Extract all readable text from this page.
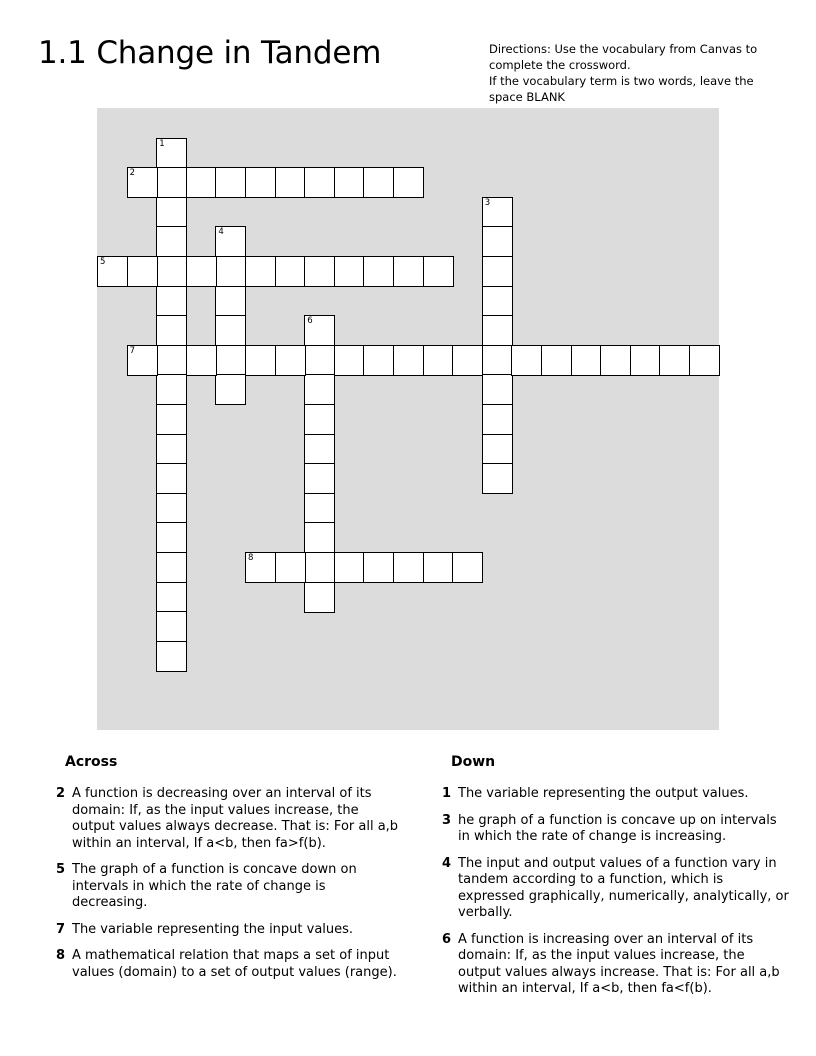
1.1 Change in Tandem	Directions: Use the vocabulary from Canvas to complete the crossword.
If the vocabulary term is two words, leave the space BLANK
1
2
3
4
5
6
7
8
Across
2 A function is decreasing over an interval of its domain: If, as the input values increase, the output values always decrease. That is: For all a,b within an interval, If a<b, then fa>f(b).
5 The graph of a function is concave down on intervals in which the rate of change is decreasing.
7 The variable representing the input values.
8 A mathematical relation that maps a set of input values (domain) to a set of output values (range).
Down
1 The variable representing the output values.
3 he graph of a function is concave up on intervals in which the rate of change is increasing.
4 The input and output values of a function vary in tandem according to a function, which is expressed graphically, numerically, analytically, or verbally.
6 A function is increasing over an interval of its domain: If, as the input values increase, the output values always increase. That is: For all a,b within an interval, If a<b, then fa<f(b).
